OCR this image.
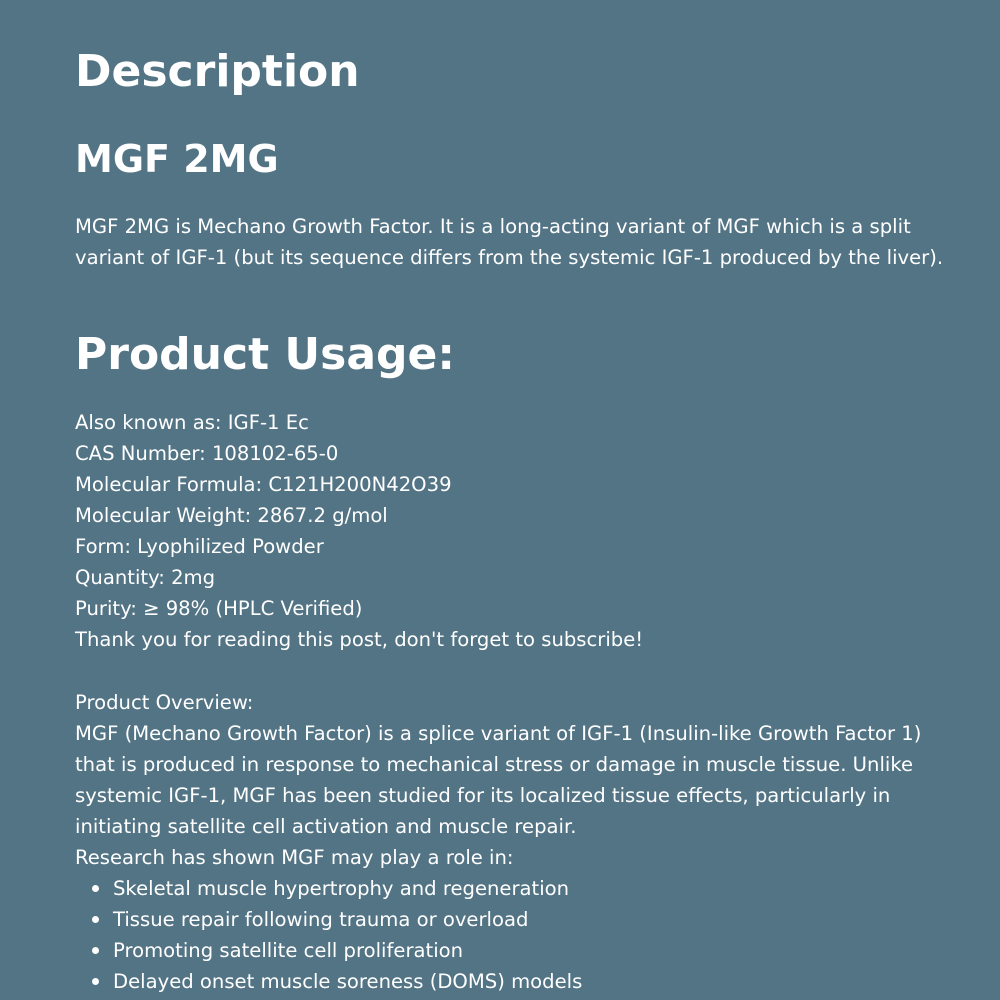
Description
MGF 2MG
MGF 2MG is Mechano Growth Factor. It is a long-acting variant of MGF which is a split
variant of IGF-1 (but its sequence differs from the systemic IGF-1 produced by the liver).
Product Usage:
Also known as: IGF-1 Ec
CAS Number: 108102-65-0
Molecular Formula: C121H200N42O39
Molecular Weight: 2867.2 g/mol
Form: Lyophilized Powder
Quantity: 2mg
Purity: ≥ 98% (HPLC Verified)
Thank you for reading this post, don't forget to subscribe!
Product Overview:
MGF (Mechano Growth Factor) is a splice variant of IGF-1 (Insulin-like Growth Factor 1)
that is produced in response to mechanical stress or damage in muscle tissue. Unlike
systemic IGF-1, MGF has been studied for its localized tissue effects, particularly in
initiating satellite cell activation and muscle repair.
Research has shown MGF may play a role in:
Skeletal muscle hypertrophy and regeneration
Tissue repair following trauma or overload
Promoting satellite cell proliferation
Delayed onset muscle soreness (DOMS) models
